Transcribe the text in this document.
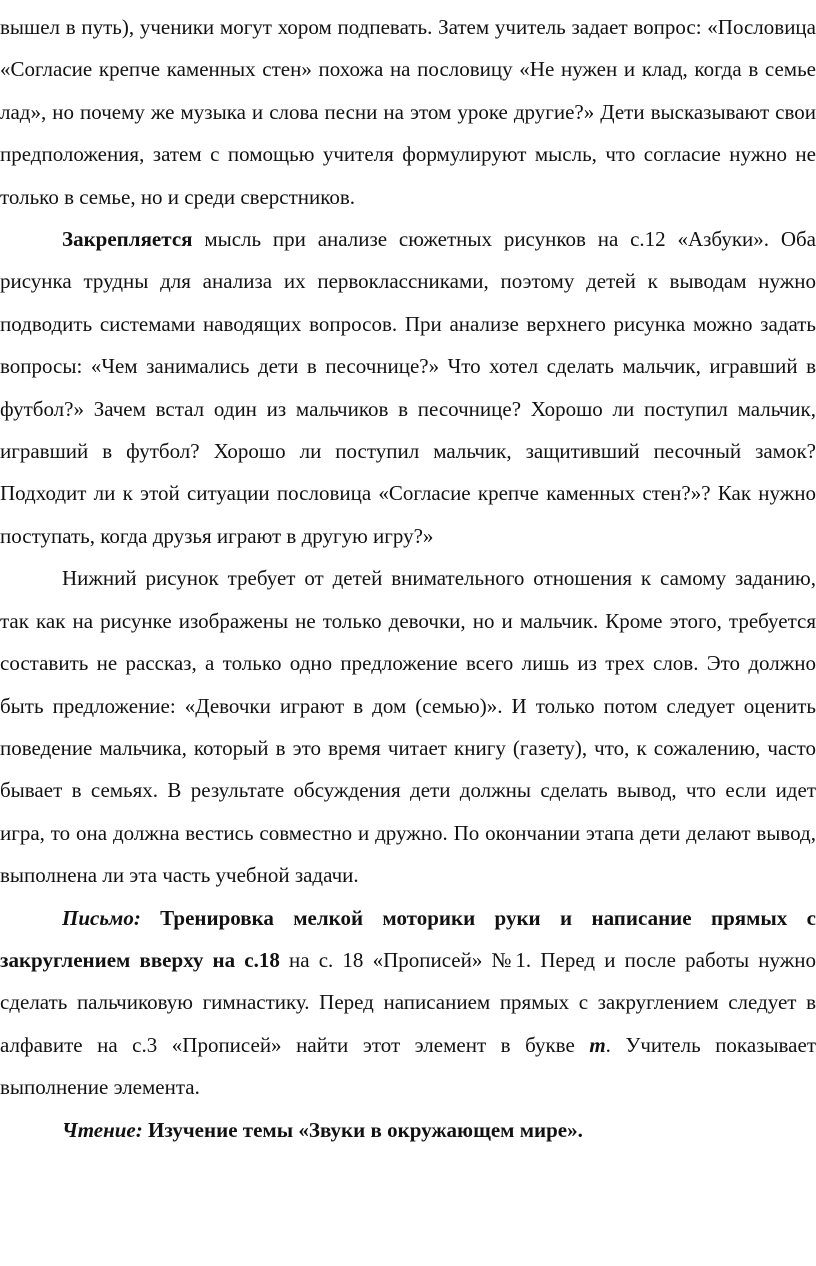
вышел в путь), ученики могут хором подпевать. Затем учитель задает вопрос: «Пословица «Согласие крепче каменных стен» похожа на пословицу «Не нужен и клад, когда в семье лад», но почему же музыка и слова песни на этом уроке другие?» Дети высказывают свои предположения, затем с помощью учителя формулируют мысль, что согласие нужно не только в семье, но и среди сверстников.

Закрепляется мысль при анализе сюжетных рисунков на с.12 «Азбуки». Оба рисунка трудны для анализа их первоклассниками, поэтому детей к выводам нужно подводить системами наводящих вопросов. При анализе верхнего рисунка можно задать вопросы: «Чем занимались дети в песочнице?» Что хотел сделать мальчик, игравший в футбол?» Зачем встал один из мальчиков в песочнице? Хорошо ли поступил мальчик, игравший в футбол? Хорошо ли поступил мальчик, защитивший песочный замок? Подходит ли к этой ситуации пословица «Согласие крепче каменных стен?»? Как нужно поступать, когда друзья играют в другую игру?»

Нижний рисунок требует от детей внимательного отношения к самому заданию, так как на рисунке изображены не только девочки, но и мальчик. Кроме этого, требуется составить не рассказ, а только одно предложение всего лишь из трех слов. Это должно быть предложение: «Девочки играют в дом (семью)». И только потом следует оценить поведение мальчика, который в это время читает книгу (газету), что, к сожалению, часто бывает в семьях. В результате обсуждения дети должны сделать вывод, что если идет игра, то она должна вестись совместно и дружно. По окончании этапа дети делают вывод, выполнена ли эта часть учебной задачи.

Письмо: Тренировка мелкой моторики руки и написание прямых с закруглением вверху на с.18 на с. 18 «Прописей» №1. Перед и после работы нужно сделать пальчиковую гимнастику. Перед написанием прямых с закруглением следует в алфавите на с.3 «Прописей» найти этот элемент в букве т. Учитель показывает выполнение элемента.

Чтение: Изучение темы «Звуки в окружающем мире».
